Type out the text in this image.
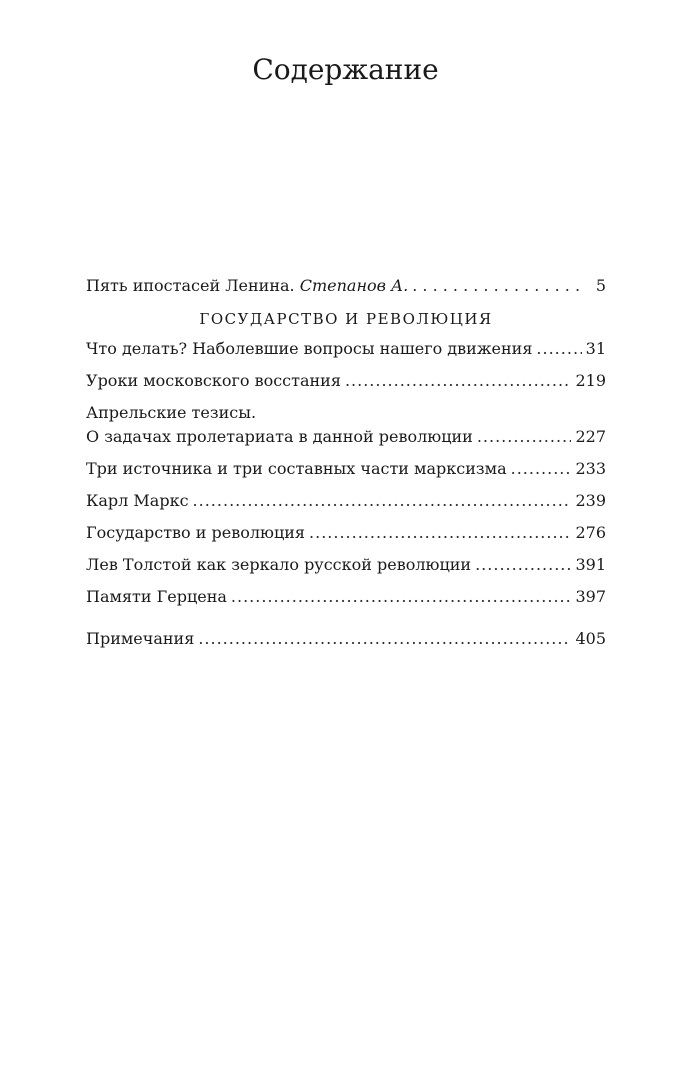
Содержание
Пять ипостасей Ленина. Степанов А. . . .	5
ГОСУДАРСТВО И РЕВОЛЮЦИЯ
Что делать? Наболевшие вопросы нашего движения .....	31
Уроки московского восстания .....	219
Апрельские тезисы.
О задачах пролетариата в данной революции .....	227
Три источника и три составных части марксизма .....	233
Карл Маркс .....	239
Государство и революция .....	276
Лев Толстой как зеркало русской революции .....	391
Памяти Герцена .....	397
Примечания .....	405
